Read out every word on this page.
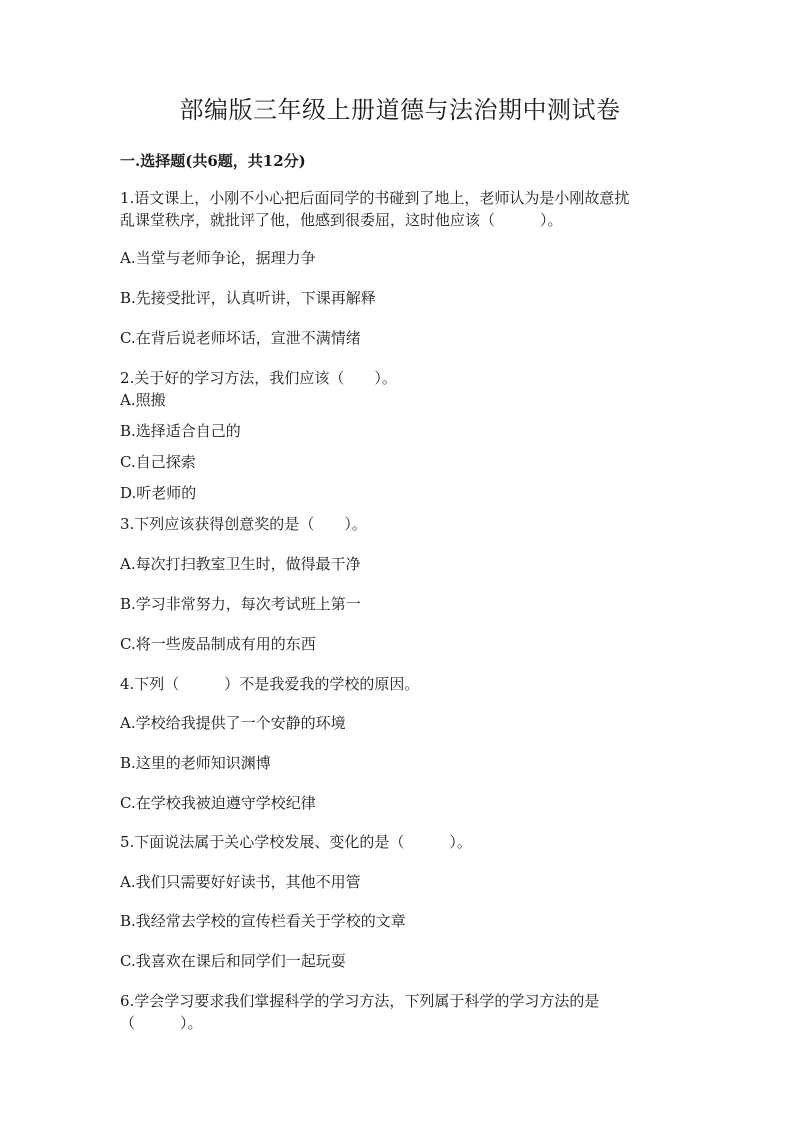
部编版三年级上册道德与法治期中测试卷
一.选择题(共6题，共12分)

1.语文课上，小刚不小心把后面同学的书碰到了地上，老师认为是小刚故意扰

乱课堂秩序，就批评了他，他感到很委屈，这时他应该（　　　）。

A.当堂与老师争论，据理力争

B.先接受批评，认真听讲，下课再解释

C.在背后说老师坏话，宣泄不满情绪

2.关于好的学习方法，我们应该（　　）。

A.照搬

B.选择适合自己的

C.自己探索

D.听老师的

3.下列应该获得创意奖的是（　　）。

A.每次打扫教室卫生时，做得最干净

B.学习非常努力，每次考试班上第一

C.将一些废品制成有用的东西

4.下列（　　　）不是我爱我的学校的原因。

A.学校给我提供了一个安静的环境

B.这里的老师知识渊博

C.在学校我被迫遵守学校纪律

5.下面说法属于关心学校发展、变化的是（　　　）。

A.我们只需要好好读书，其他不用管

B.我经常去学校的宣传栏看关于学校的文章

C.我喜欢在课后和同学们一起玩耍

6.学会学习要求我们掌握科学的学习方法，下列属于科学的学习方法的是

（　　　）。
